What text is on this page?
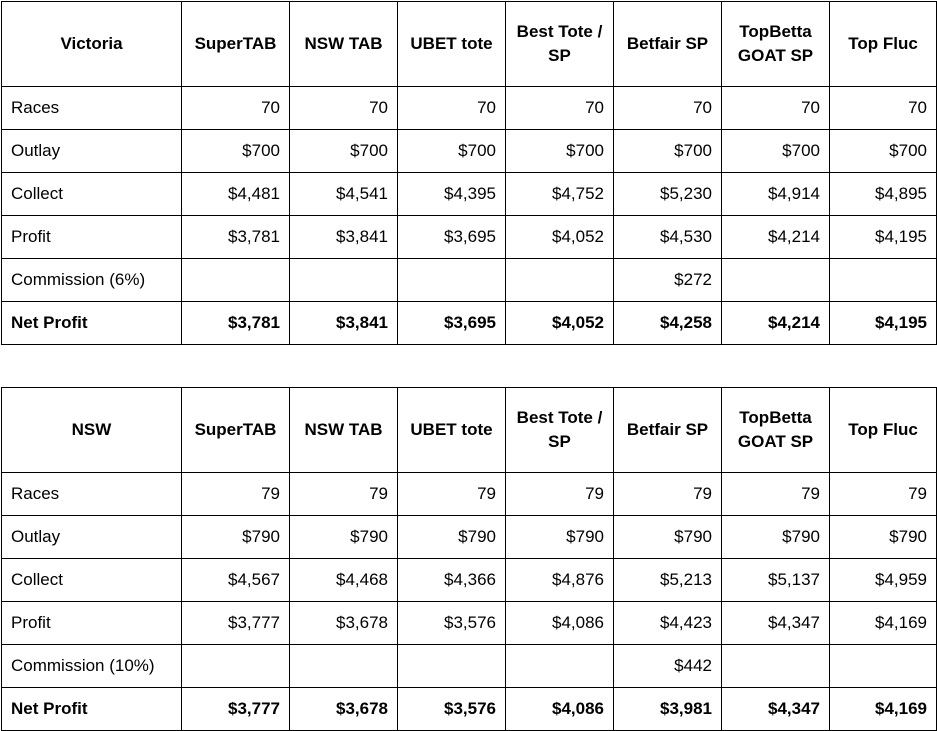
Victoria	SuperTAB	NSW TAB	UBET tote	Best Tote / SP	Betfair SP	TopBetta GOAT SP	Top Fluc
Races	70	70	70	70	70	70	70
Outlay	$700	$700	$700	$700	$700	$700	$700
Collect	$4,481	$4,541	$4,395	$4,752	$5,230	$4,914	$4,895
Profit	$3,781	$3,841	$3,695	$4,052	$4,530	$4,214	$4,195
Commission (6%)					$272		
Net Profit	$3,781	$3,841	$3,695	$4,052	$4,258	$4,214	$4,195
NSW	SuperTAB	NSW TAB	UBET tote	Best Tote / SP	Betfair SP	TopBetta GOAT SP	Top Fluc
Races	79	79	79	79	79	79	79
Outlay	$790	$790	$790	$790	$790	$790	$790
Collect	$4,567	$4,468	$4,366	$4,876	$5,213	$5,137	$4,959
Profit	$3,777	$3,678	$3,576	$4,086	$4,423	$4,347	$4,169
Commission (10%)					$442		
Net Profit	$3,777	$3,678	$3,576	$4,086	$3,981	$4,347	$4,169
